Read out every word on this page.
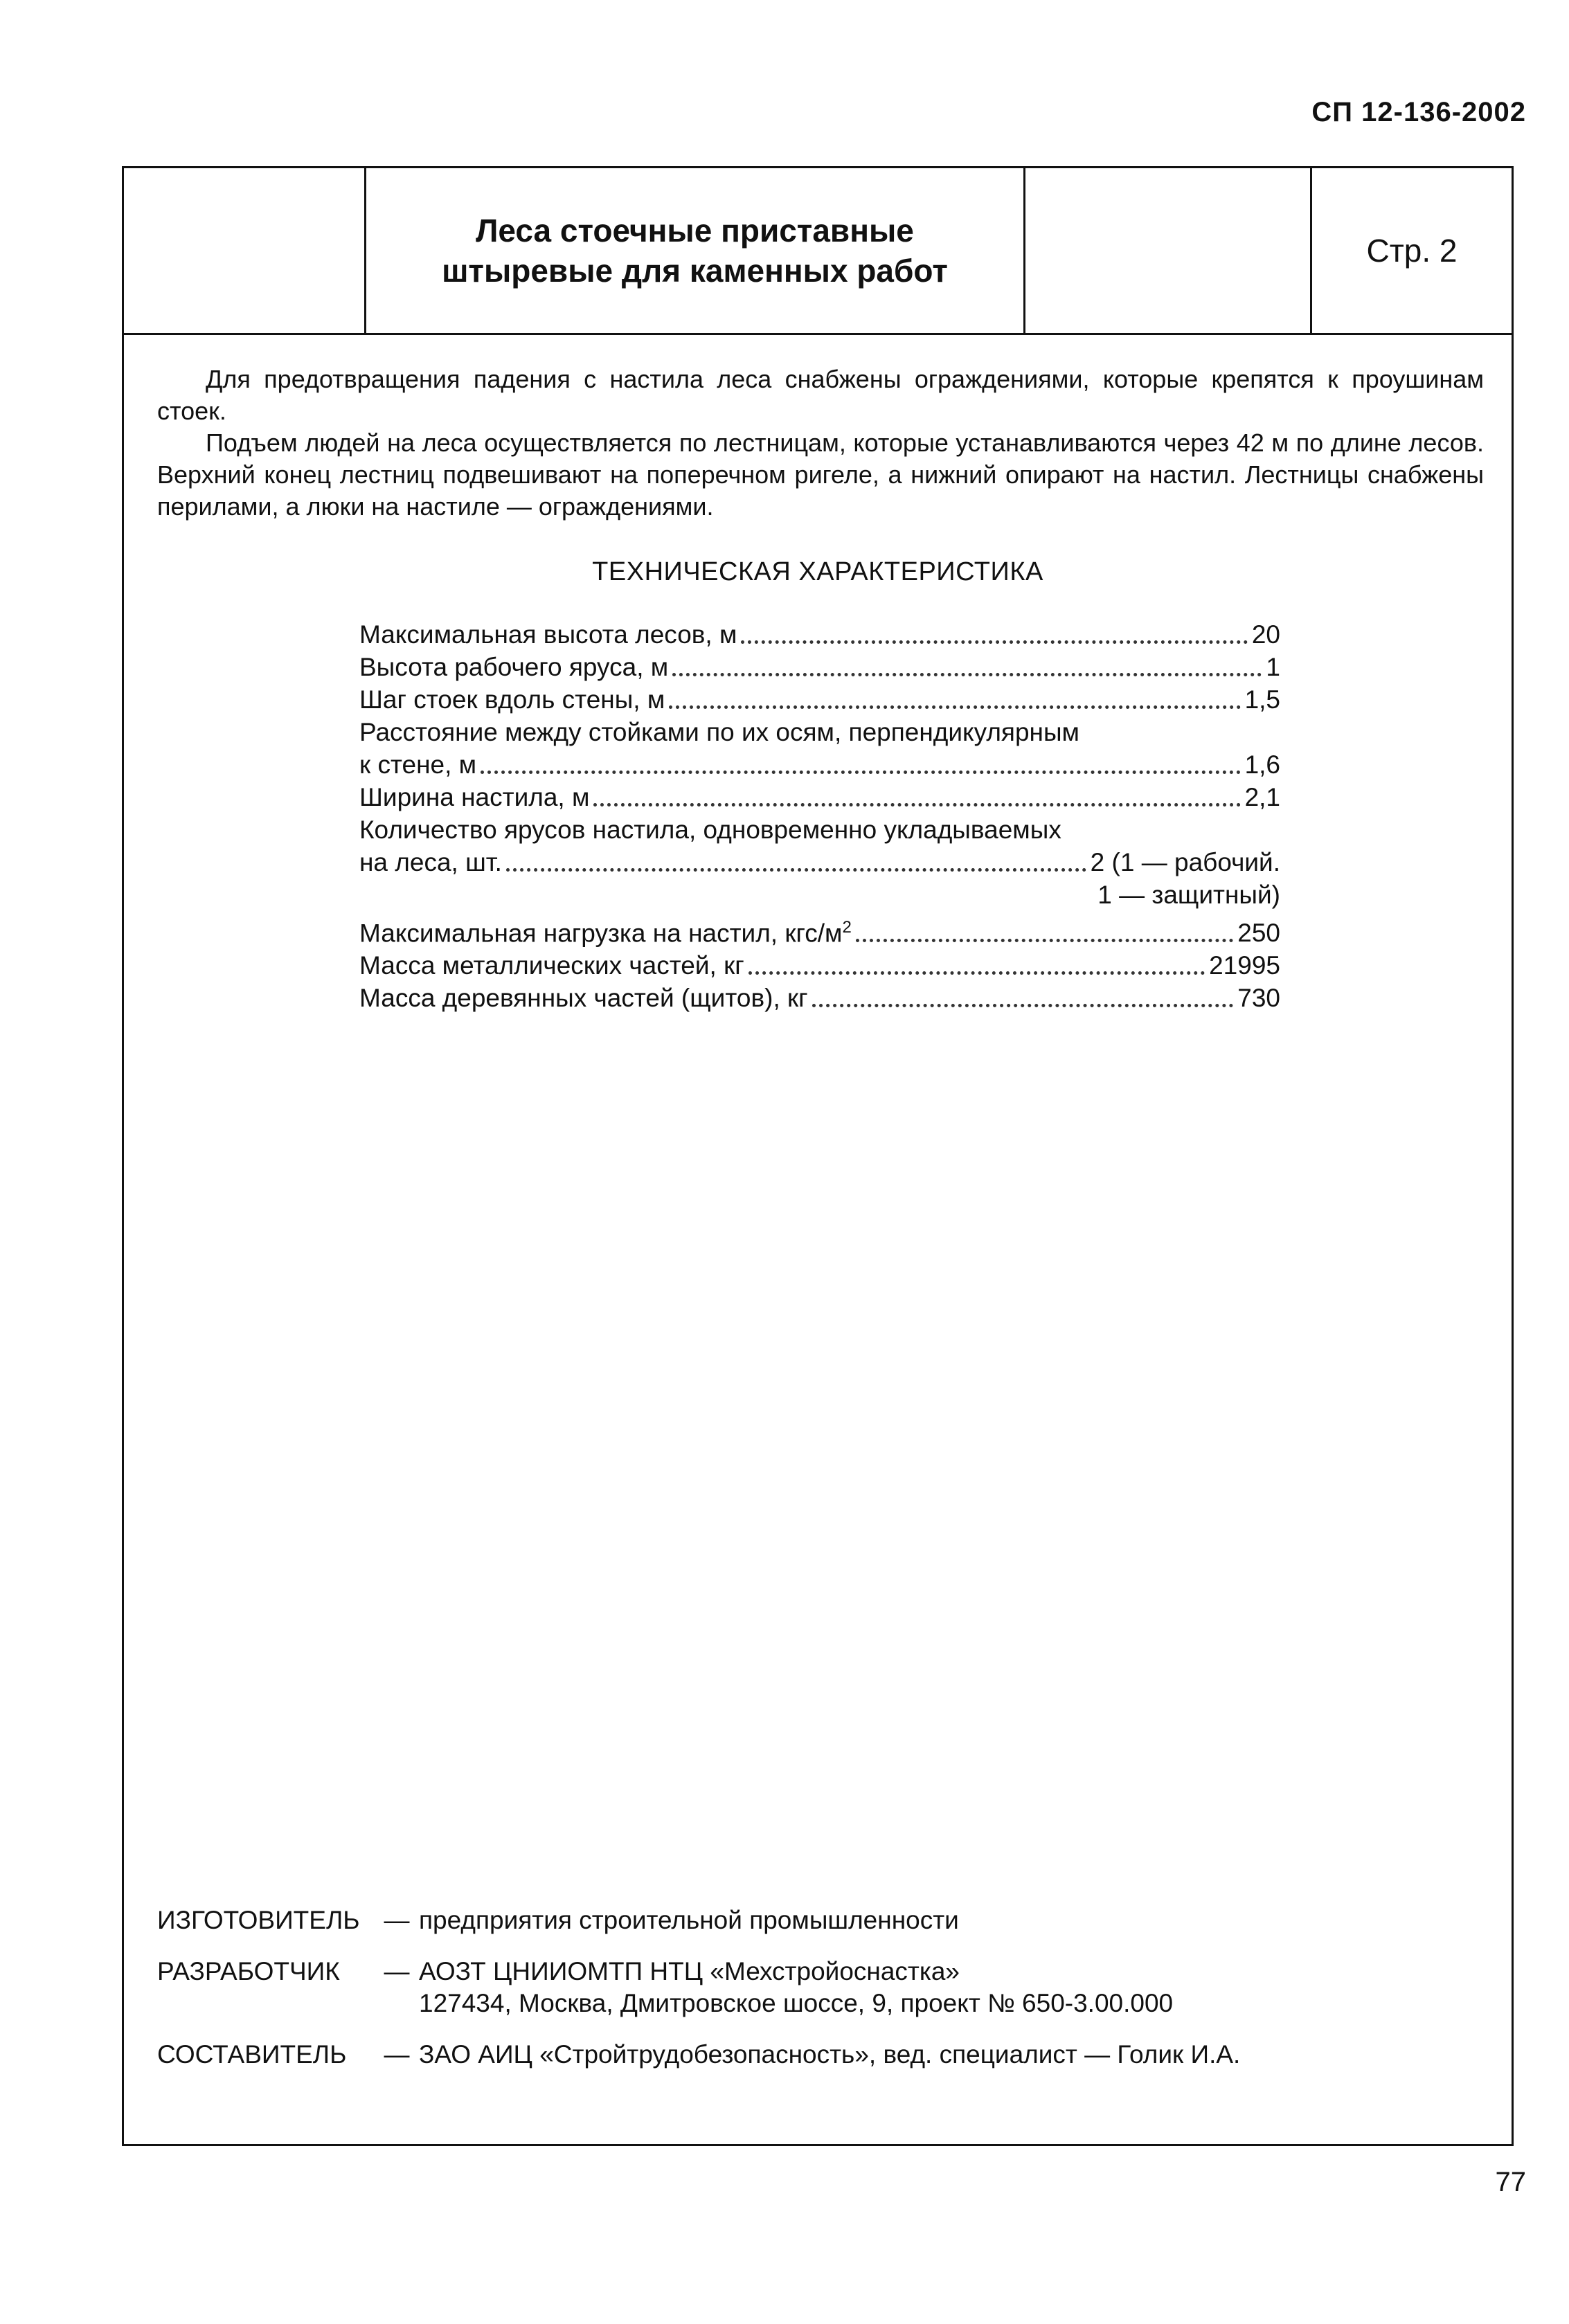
СП 12-136-2002
Леса стоечные приставные
штыревые для каменных работ
Стр. 2

Для предотвращения падения с настила леса снабжены ограждениями, которые крепятся к проушинам стоек.

Подъем людей на леса осуществляется по лестницам, которые устанавливаются через 42 м по длине лесов. Верхний конец лестниц подвешивают на поперечном ригеле, а нижний опирают на настил. Лестницы снабжены перилами, а люки на настиле — ограждениями.

ТЕХНИЧЕСКАЯ ХАРАКТЕРИСТИКА
Максимальная высота лесов, м	20
Высота рабочего яруса, м	1
Шаг стоек вдоль стены, м	1,5
Расстояние между стойками по их осям, перпендикулярным
к стене, м	1,6
Ширина настила, м	2,1
Количество ярусов настила, одновременно укладываемых
на леса, шт.	2 (1 — рабочий.
1 — защитный)
Максимальная нагрузка на настил, кгс/$м^2$	250
Масса металлических частей, кг	21995
Масса деревянных частей (щитов), кг	730
ИЗГОТОВИТЕЛЬ — предприятия строительной промышленности
РАЗРАБОТЧИК	— АОЗТ ЦНИИОМТП НТЦ «Мехстройоснастка»
127434, Москва, Дмитровское шоссе, 9, проект № 650-3.00.000
СОСТАВИТЕЛЬ	— ЗАО АИЦ «Стройтрудобезопасность», вед. специалист — Голик И.А.
77
